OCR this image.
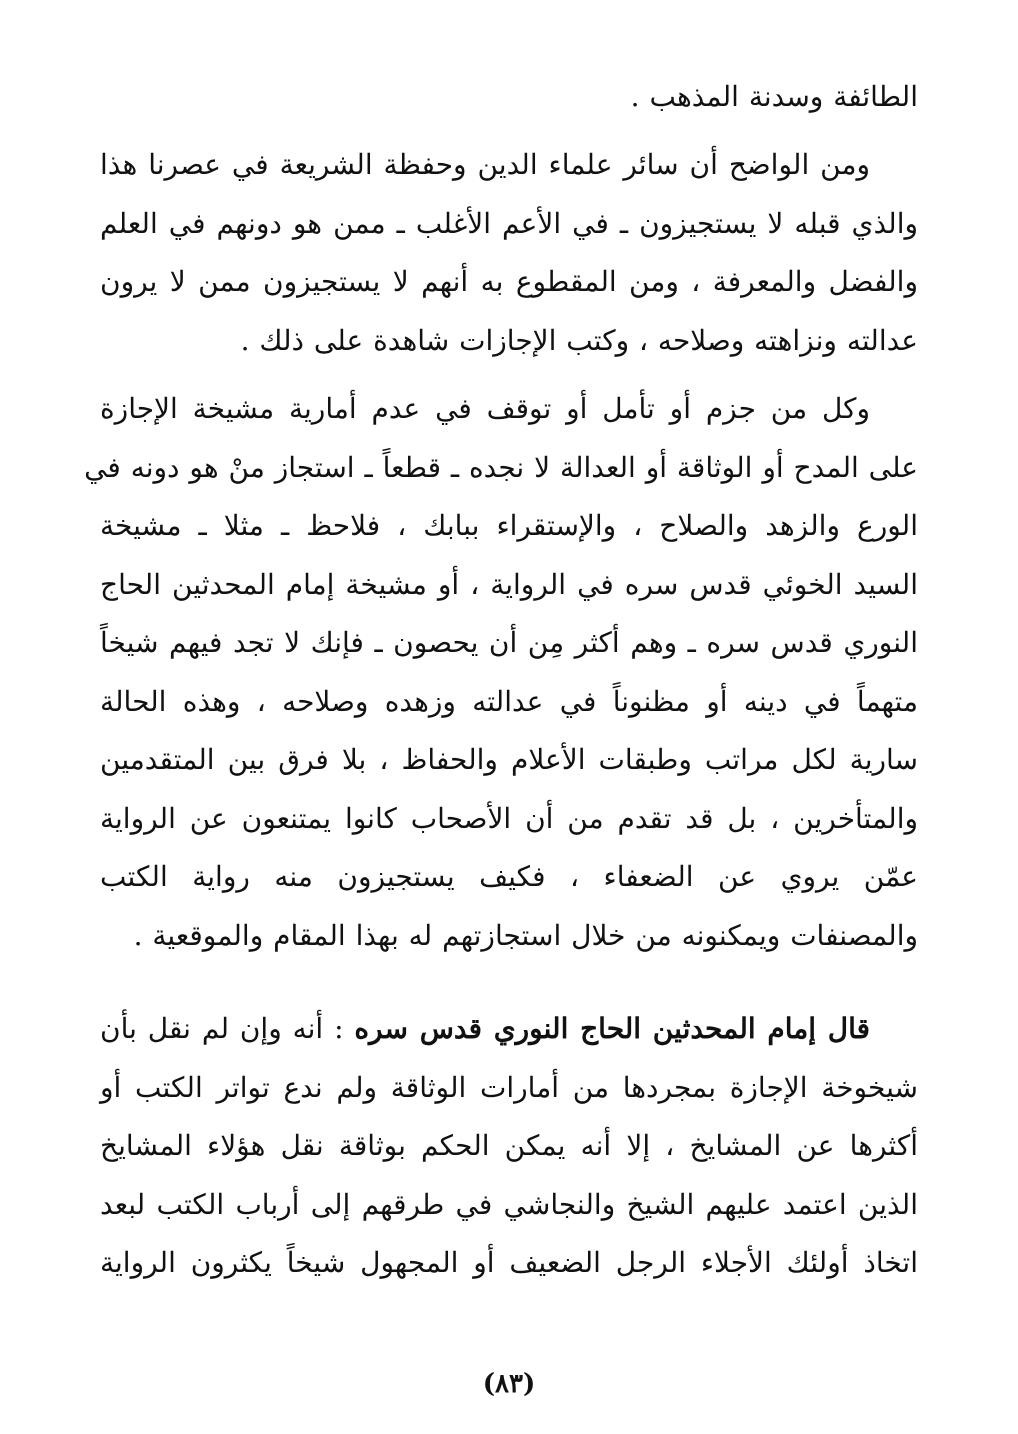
الطائفة وسدنة المذهب .
ومن الواضح أن سائر علماء الدين وحفظة الشريعة في عصرنا هذا
والذي قبله لا يستجيزون ـ في الأعم الأغلب ـ ممن هو دونهم في العلم
والفضل والمعرفة ، ومن المقطوع به أنهم لا يستجيزون ممن لا يرون
عدالته ونزاهته وصلاحه ، وكتب الإجازات شاهدة على ذلك .
وكل من جزم أو تأمل أو توقف في عدم أمارية مشيخة الإجازة
على المدح أو الوثاقة أو العدالة لا نجده ـ قطعاً ـ استجاز منْ هو دونه في
الورع والزهد والصلاح ، والإستقراء ببابك ، فلاحظ ـ مثلا ـ مشيخة
السيد الخوئي قدس سره في الرواية ، أو مشيخة إمام المحدثين الحاج
النوري قدس سره ـ وهم أكثر مِن أن يحصون ـ فإنك لا تجد فيهم شيخاً
متهماً في دينه أو مظنوناً في عدالته وزهده وصلاحه ، وهذه الحالة
سارية لكل مراتب وطبقات الأعلام والحفاظ ، بلا فرق بين المتقدمين
والمتأخرين ، بل قد تقدم من أن الأصحاب كانوا يمتنعون عن الرواية
عمّن يروي عن الضعفاء ، فكيف يستجيزون منه رواية الكتب
والمصنفات ويمكنونه من خلال استجازتهم له بهذا المقام والموقعية .
قال إمام المحدثين الحاج النوري قدس سره : أنه وإن لم نقل بأن
شيخوخة الإجازة بمجردها من أمارات الوثاقة ولم ندع تواتر الكتب أو
أكثرها عن المشايخ ، إلا أنه يمكن الحكم بوثاقة نقل هؤلاء المشايخ
الذين اعتمد عليهم الشيخ والنجاشي في طرقهم إلى أرباب الكتب لبعد
اتخاذ أولئك الأجلاء الرجل الضعيف أو المجهول شيخاً يكثرون الرواية
(٨٣)
